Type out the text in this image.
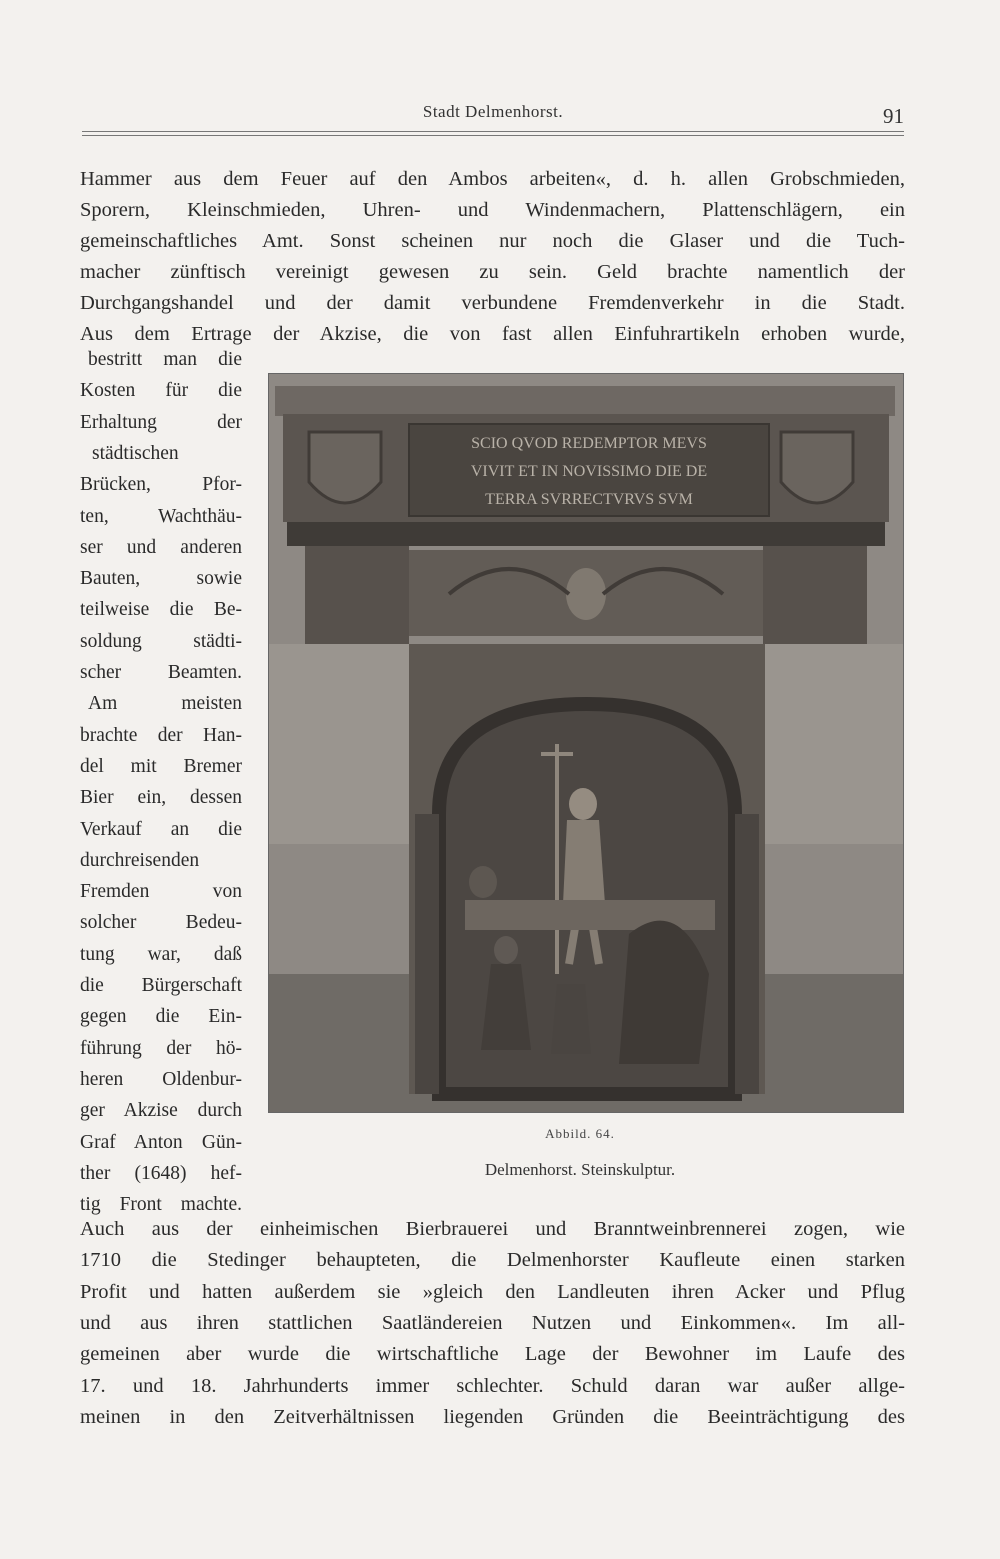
Stadt Delmenhorst.	91
Hammer aus dem Feuer auf den Ambos arbeiten«, d. h. allen Grobschmieden,
Sporern, Kleinschmieden, Uhren- und Windenmachern, Plattenschlägern, ein
gemeinschaftliches Amt. Sonst scheinen nur noch die Glaser und die Tuch-
macher zünftisch vereinigt gewesen zu sein. Geld brachte namentlich der
Durchgangshandel und der damit verbundene Fremdenverkehr in die Stadt.
Aus dem Ertrage der Akzise, die von fast allen Einfuhrartikeln erhoben wurde,
bestritt man die
Kosten für die
Erhaltung der
städtischen
Brücken, Pfor-
ten, Wachthäu-
ser und anderen
Bauten, sowie
teilweise die Be-
soldung städti-
scher Beamten.
Am meisten
brachte der Han-
del mit Bremer
Bier ein, dessen
Verkauf an die
durchreisenden
Fremden von
solcher Bedeu-
tung war, daß
die Bürgerschaft
gegen die Ein-
führung der hö-
heren Oldenbur-
ger Akzise durch
Graf Anton Gün-
ther (1648) hef-
tig Front machte.
SCIO QVOD REDEMPTOR MEVS
VIVIT ET IN NOVISSIMO DIE DE
TERRA SVRRECTVRVS SVM
Abbild. 64.
Delmenhorst. Steinskulptur.
Auch aus der einheimischen Bierbrauerei und Branntweinbrennerei zogen, wie
1710 die Stedinger behaupteten, die Delmenhorster Kaufleute einen starken
Profit und hatten außerdem sie »gleich den Landleuten ihren Acker und Pflug
und aus ihren stattlichen Saatländereien Nutzen und Einkommen«. Im all-
gemeinen aber wurde die wirtschaftliche Lage der Bewohner im Laufe des
17. und 18. Jahrhunderts immer schlechter. Schuld daran war außer allge-
meinen in den Zeitverhältnissen liegenden Gründen die Beeinträchtigung des
